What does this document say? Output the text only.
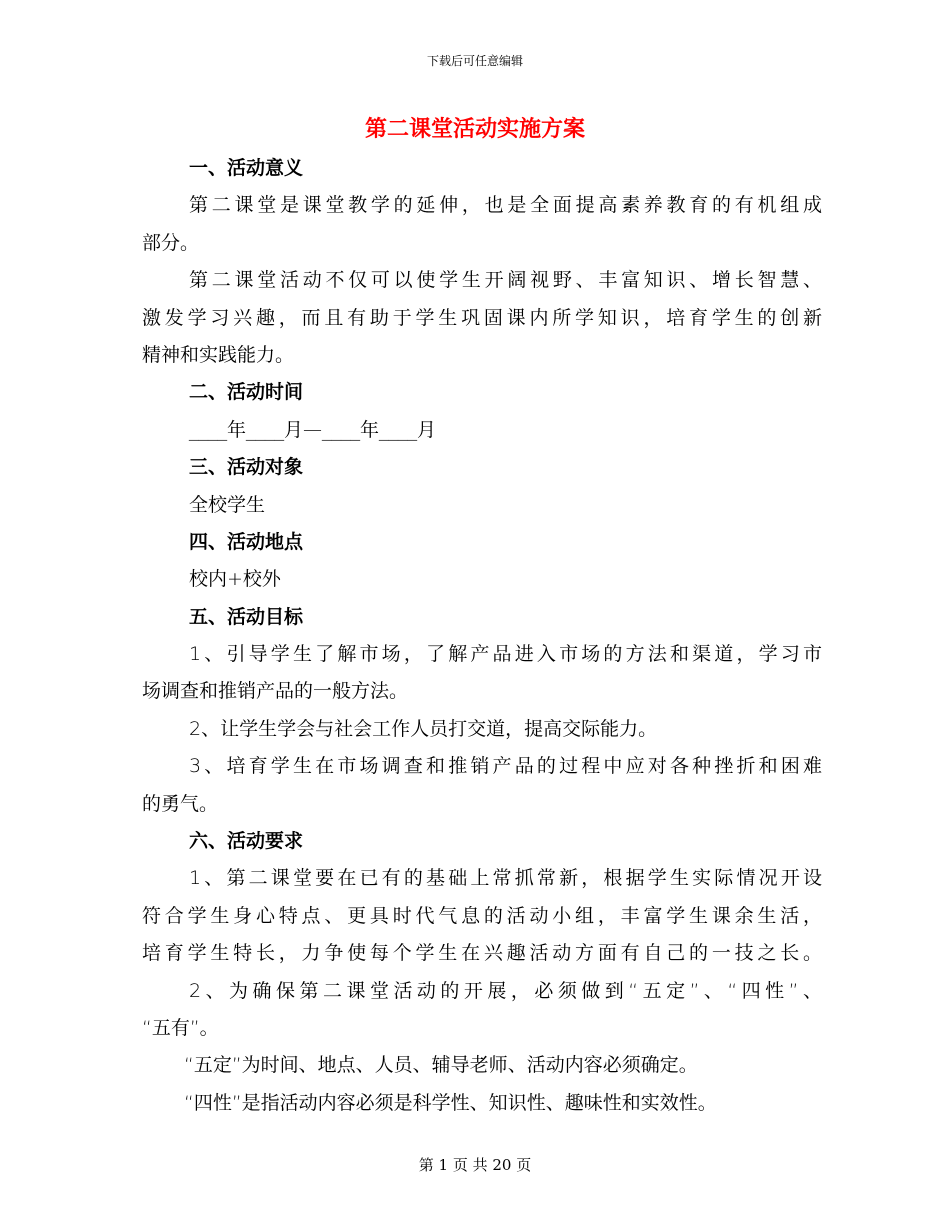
下载后可任意编辑
第二课堂活动实施方案
一、活动意义
第二课堂是课堂教学的延伸，也是全面提高素养教育的有机组成
部分。
第二课堂活动不仅可以使学生开阔视野、丰富知识、增长智慧、
激发学习兴趣，而且有助于学生巩固课内所学知识，培育学生的创新
精神和实践能力。
二、活动时间
____年____月—____年____月
三、活动对象
全校学生
四、活动地点
校内+校外
五、活动目标
1、引导学生了解市场，了解产品进入市场的方法和渠道，学习市
场调查和推销产品的一般方法。
2、让学生学会与社会工作人员打交道，提高交际能力。
3、培育学生在市场调查和推销产品的过程中应对各种挫折和困难
的勇气。
六、活动要求
1、第二课堂要在已有的基础上常抓常新，根据学生实际情况开设
符合学生身心特点、更具时代气息的活动小组，丰富学生课余生活，
培育学生特长，力争使每个学生在兴趣活动方面有自己的一技之长。
2、为确保第二课堂活动的开展，必须做到“五定”、“四性”、
“五有”。
“五定”为时间、地点、人员、辅导老师、活动内容必须确定。
“四性”是指活动内容必须是科学性、知识性、趣味性和实效性。
第 1 页 共 20 页
